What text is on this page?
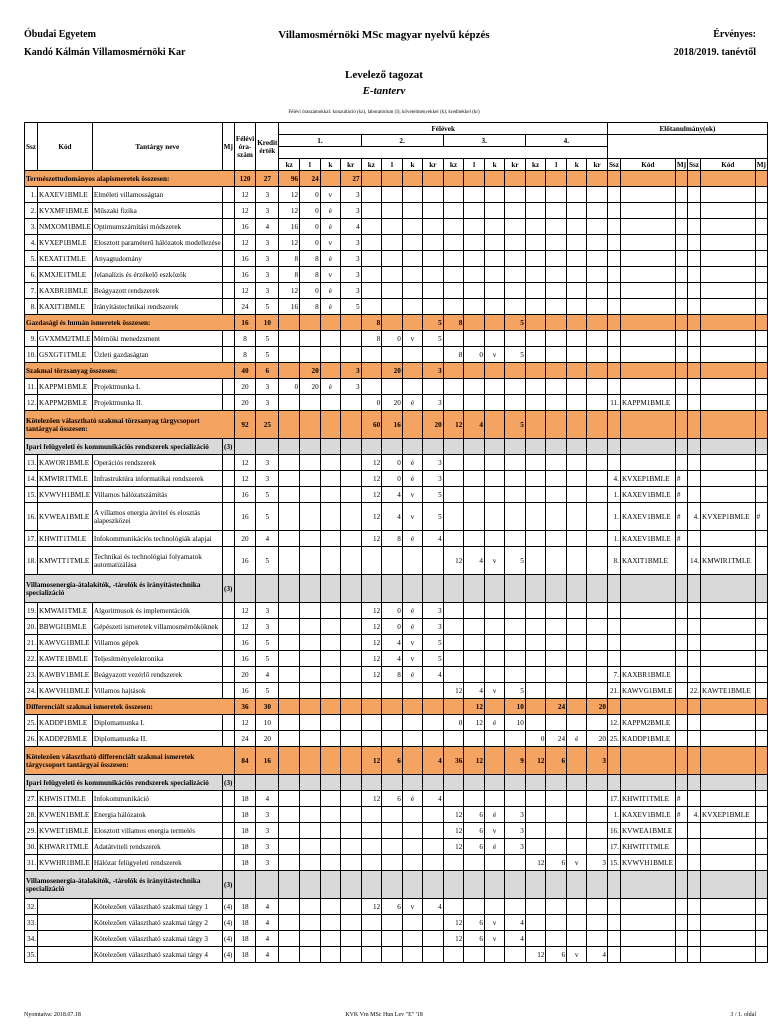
Óbudai Egyetem
Kandó Kálmán Villamosmérnöki Kar
Villamosmérnöki MSc magyar nyelvű képzés	Érvényes:
2018/2019. tanévtől
Levelező tagozat
E-tanterv
Félévi óraszámokkal: konzultáció (kz), laboratórium (l); követelményekkel (k); kreditekkel (kr)
Ssz	Kód	Tantárgy neve	Mj	Félévi óra-szám	Kredit érték	Félévek																Előtanulmány(ok)					
						1.				2.				3.				4.									

						kz	l	k	kr	kz	l	k	kr	kz	l	k	kr	kz	l	k	kr	Ssz	Kód	Mj	Ssz	Kód	Mj
Természettudományos alapismeretek összesen:				120	27	96	24		27																		
1.	KAXEV1BMLE	Elméleti villamosságtan		12	3	12	0	v	3																		
2.	KVXMF1BMLE	Műszaki fizika		12	3	12	0	é	3																		
3.	NMXOM1BMLE	Optimumszámítási módszerek		16	4	16	0	é	4																		
4.	KVXEP1BMLE	Elosztott paraméterű hálózatok modellezése		12	3	12	0	v	3																		
5.	KEXAT1TMLE	Anyagtudomány		16	3	8	8	é	3																		
6.	KMXJE1TMLE	Jelanalízis és érzékelő eszközök		16	3	8	8	v	3																		
7.	KAXBR1BMLE	Beágyazott rendszerek		12	3	12	0	é	3																		
8.	KAXIT1BMLE	Irányítástechnikai rendszerek		24	5	16	8	é	5																		
Gazdasági és humán ismeretek összesen:				16	10					8			5	8			5										
9.	GVXMM2TMLE	Mérnöki menedzsment		8	5					8	0	v	5														
10.	GSXGT1TMLE	Üzleti gazdaságtan		8	5									8	0	v	5										
Szakmai törzsanyag összesen:				40	6		20		3		20		3														
11.	KAPPM1BMLE	Projektmunka I.		20	3	0	20	é	3																		
12.	KAPPM2BMLE	Projektmunka II.		20	3					0	20	é	3									11.	KAPPM1BMLE				
Kötelezően választható szakmai törzsanyag tárgycsoport tantárgyai összesen:				92	25					60	16		20	12	4		5										
Ipari felügyeleti és kommunikációs rendszerek specializáció			(3)																								
13.	KAWOR1BMLE	Operációs rendszerek		12	3					12	0	é	3														
14.	KMWIR1TMLE	Infrastruktúra informatikai rendszerek		12	3					12	0	é	3									4.	KVXEP1BMLE	#			
15.	KVWVH1BMLE	Villamos hálózatszámítás		16	5					12	4	v	5									1.	KAXEV1BMLE	#			
16.	KVWEA1BMLE	A villamos energia átvitel és elosztás alapeszközei		16	5					12	4	v	5									1.	KAXEV1BMLE	#	4.	KVXEP1BMLE	#
17.	KHWIT1TMLE	Infokommunikációs technológiák alapjai		20	4					12	8	é	4									1.	KAXEV1BMLE	#			
18.	KMWTT1TMLE	Technikai és technológiai folyamatok automatizálása		16	5									12	4	v	5					8.	KAXIT1BMLE		14.	KMWIR1TMLE	
Villamosenergia-átalakítók, -tárolók és irányítástechnika specializáció			(3)																								
19.	KMWAI1TMLE	Algoritmusok és implementációk		12	3					12	0	é	3														
20.	BBWGI1BMLE	Gépészeti ismeretek villamosmérnököknek		12	3					12	0	é	3														
21.	KAWVG1BMLE	Villamos gépek		16	5					12	4	v	5														
22.	KAWTE1BMLE	Teljesítményelektronika		16	5					12	4	v	5														
23.	KAWBV1BMLE	Beágyazott vezérlő rendszerek		20	4					12	8	é	4									7.	KAXBR1BMLE				
24.	KAWVH1BMLE	Villamos hajtások		16	5									12	4	v	5					21.	KAWVG1BMLE		22.	KAWTE1BMLE	
Differenciált szakmai ismeretek összesen:				36	30										12		10		24		20						
25.	KADDP1BMLE	Diplomamunka I.		12	10									0	12	é	10					12.	KAPPM2BMLE				
26.	KADDP2BMLE	Diplomamunka II.		24	20													0	24	é	20	25.	KADDP1BMLE				
Kötelezően választható differenciált szakmai ismeretek tárgycsoport tantárgyai összesen:				84	16					12	6		4	36	12		9	12	6		3						
Ipari felügyeleti és kommunikációs rendszerek specializáció			(3)																								
27.	KHWIS1TMLE	Infokommunikáció		18	4					12	6	é	4									17.	KHWIT1TMLE	#			
28.	KVWEN1BMLE	Energia hálózatok		18	3									12	6	é	3					1.	KAXEV1BMLE	#	4.	KVXEP1BMLE	
29.	KVWET1BMLE	Elosztott villamos energia termelés		18	3									12	6	v	3					16.	KVWEA1BMLE				
30.	KHWAR1TMLE	Adatátviteli rendszerek		18	3									12	6	é	3					17.	KHWIT1TMLE				
31.	KVWHR1BMLE	Hálózat felügyeleti rendszerek		18	3													12	6	v	3	15.	KVWVH1BMLE				
Villamosenergia-átalakítók, -tárolók és irányítástechnika specializáció			(3)																								
32.		Kötelezően választható szakmai tárgy 1	(4)	18	4					12	6	v	4														
33.		Kötelezően választható szakmai tárgy 2	(4)	18	4									12	6	v	4										
34.		Kötelezően választható szakmai tárgy 3	(4)	18	4									12	6	v	4										
35.		Kötelezően választható szakmai tárgy 4	(4)	18	4													12	6	v	4						
Nyomtatva: 2018.07.18	KVK Vm MSc Hun Lev "E" '18	3 / 1. oldal
